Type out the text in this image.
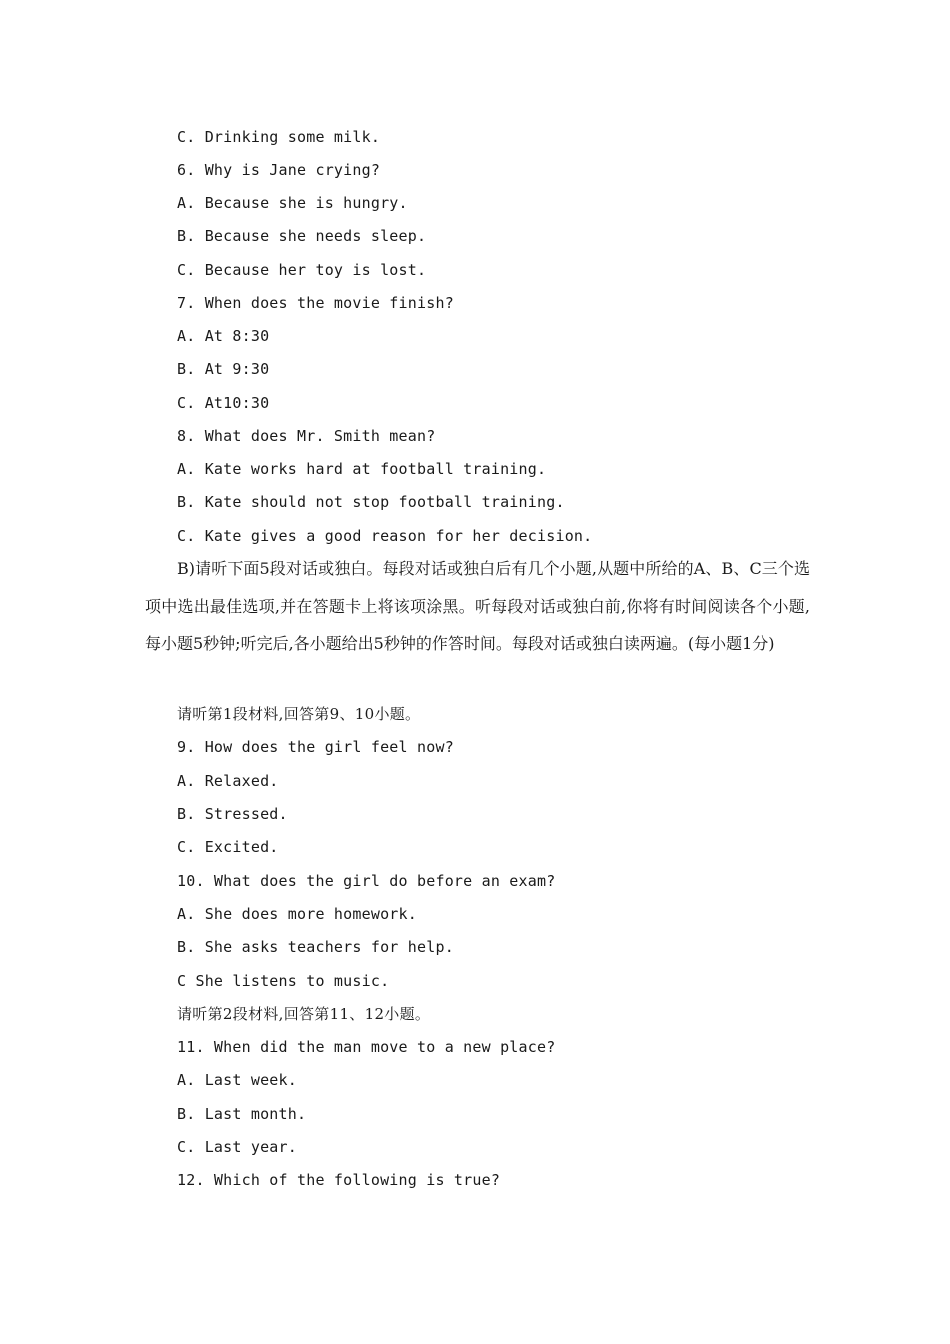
C. Drinking some milk.
6. Why is Jane crying?
A. Because she is hungry.
B. Because she needs sleep.
C. Because her toy is lost.
7. When does the movie finish?
A. At 8:30
B. At 9:30
C. At10:30
8. What does Mr. Smith mean?
A. Kate works hard at football training.
B. Kate should not stop football training.
C. Kate gives a good reason for her decision.
B)请听下面5段对话或独白。每段对话或独白后有几个小题,从题中所给的A、B、C三个选项中选出最佳选项,并在答题卡上将该项涂黑。听每段对话或独白前,你将有时间阅读各个小题,每小题5秒钟;听完后,各小题给出5秒钟的作答时间。每段对话或独白读两遍。(每小题1分)
请听第1段材料,回答第9、10小题。
9. How does the girl feel now?
A. Relaxed.
B. Stressed.
C. Excited.
10. What does the girl do before an exam?
A. She does more homework.
B. She asks teachers for help.
C She listens to music.
请听第2段材料,回答第11、12小题。
11. When did the man move to a new place?
A. Last week.
B. Last month.
C. Last year.
12. Which of the following is true?
